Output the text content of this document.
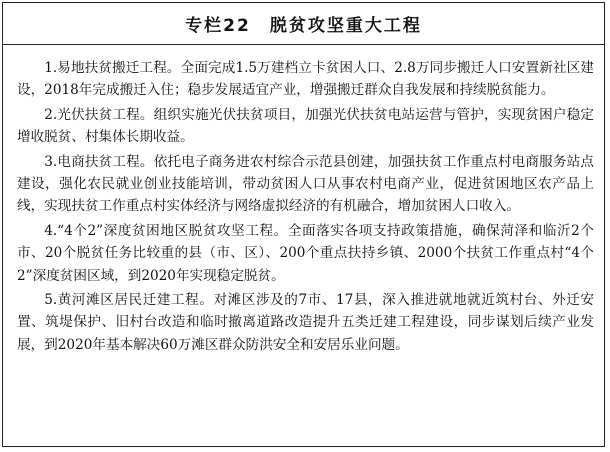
专栏22　脱贫攻坚重大工程

1.易地扶贫搬迁工程。全面完成1.5万建档立卡贫困人口、2.8万同步搬迁人口安置新社区建设，2018年完成搬迁入住；稳步发展适宜产业，增强搬迁群众自我发展和持续脱贫能力。

2.光伏扶贫工程。组织实施光伏扶贫项目，加强光伏扶贫电站运营与管护，实现贫困户稳定增收脱贫、村集体长期收益。

3.电商扶贫工程。依托电子商务进农村综合示范县创建，加强扶贫工作重点村电商服务站点建设，强化农民就业创业技能培训，带动贫困人口从事农村电商产业，促进贫困地区农产品上线，实现扶贫工作重点村实体经济与网络虚拟经济的有机融合，增加贫困人口收入。

4.“4个2”深度贫困地区脱贫攻坚工程。全面落实各项支持政策措施，确保菏泽和临沂2个市、20个脱贫任务比较重的县（市、区）、200个重点扶持乡镇、2000个扶贫工作重点村“4个2”深度贫困区域，到2020年实现稳定脱贫。

5.黄河滩区居民迁建工程。对滩区涉及的7市、17县，深入推进就地就近筑村台、外迁安置、筑堤保护、旧村台改造和临时撤离道路改造提升五类迁建工程建设，同步谋划后续产业发展，到2020年基本解决60万滩区群众防洪安全和安居乐业问题。
